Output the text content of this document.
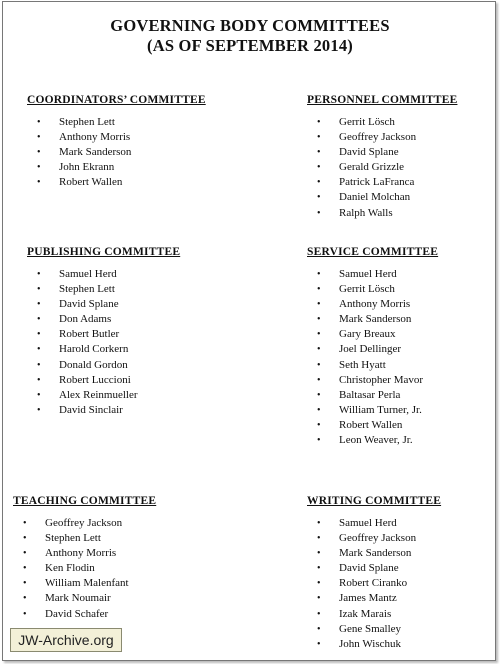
GOVERNING BODY COMMITTEES
(AS OF SEPTEMBER 2014)
COORDINATORS’ COMMITTEE
• Stephen Lett
• Anthony Morris
• Mark Sanderson
• John Ekrann
• Robert Wallen
PERSONNEL COMMITTEE
• Gerrit Lösch
• Geoffrey Jackson
• David Splane
• Gerald Grizzle
• Patrick LaFranca
• Daniel Molchan
• Ralph Walls
PUBLISHING COMMITTEE
• Samuel Herd
• Stephen Lett
• David Splane
• Don Adams
• Robert Butler
• Harold Corkern
• Donald Gordon
• Robert Luccioni
• Alex Reinmueller
• David Sinclair
SERVICE COMMITTEE
• Samuel Herd
• Gerrit Lösch
• Anthony Morris
• Mark Sanderson
• Gary Breaux
• Joel Dellinger
• Seth Hyatt
• Christopher Mavor
• Baltasar Perla
• William Turner, Jr.
• Robert Wallen
• Leon Weaver, Jr.
TEACHING COMMITTEE
• Geoffrey Jackson
• Stephen Lett
• Anthony Morris
• Ken Flodin
• William Malenfant
• Mark Noumair
• David Schafer
WRITING COMMITTEE
• Samuel Herd
• Geoffrey Jackson
• Mark Sanderson
• David Splane
• Robert Ciranko
• James Mantz
• Izak Marais
• Gene Smalley
• John Wischuk
JW-Archive.org
